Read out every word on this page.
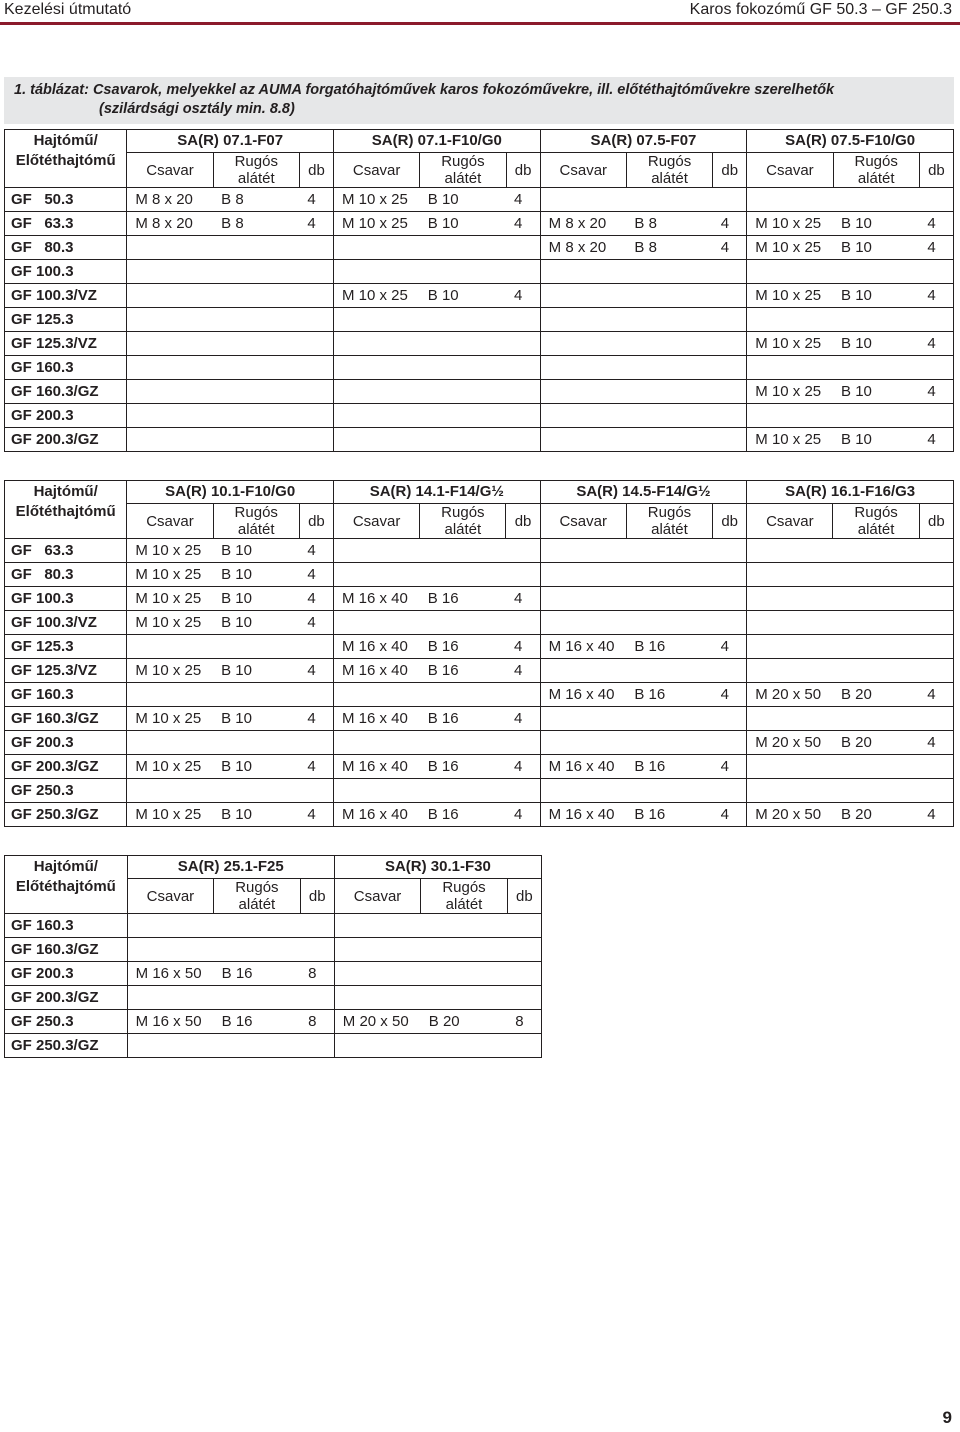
Kezelési útmutató	Karos fokozómű GF 50.3 – GF 250.3
1. táblázat: Csavarok, melyekkel az AUMA forgatóhajtóművek karos fokozóművekre, ill. előtéthajtóművekre szerelhetők
(szilárdsági osztály min. 8.8)
Hajtómű/
Előtéthajtómű	SA(R) 07.1-F07			SA(R) 07.1-F10/G0			SA(R) 07.5-F07			SA(R) 07.5-F10/G0		
	Csavar	Rugós
alátét	db	Csavar	Rugós
alátét	db	Csavar	Rugós
alátét	db	Csavar	Rugós
alátét	db
GF   50.3	M 8 x 20	B 8	4	M 10 x 25	B 10	4						
GF   63.3	M 8 x 20	B 8	4	M 10 x 25	B 10	4	M 8 x 20	B 8	4	M 10 x 25	B 10	4
GF   80.3							M 8 x 20	B 8	4	M 10 x 25	B 10	4
GF 100.3												
GF 100.3/VZ				M 10 x 25	B 10	4				M 10 x 25	B 10	4
GF 125.3												
GF 125.3/VZ										M 10 x 25	B 10	4
GF 160.3												
GF 160.3/GZ										M 10 x 25	B 10	4
GF 200.3												
GF 200.3/GZ										M 10 x 25	B 10	4
Hajtómű/
Előtéthajtómű	SA(R) 10.1-F10/G0			SA(R) 14.1-F14/G½			SA(R) 14.5-F14/G½			SA(R) 16.1-F16/G3		
	Csavar	Rugós
alátét	db	Csavar	Rugós
alátét	db	Csavar	Rugós
alátét	db	Csavar	Rugós
alátét	db
GF   63.3	M 10 x 25	B 10	4									
GF   80.3	M 10 x 25	B 10	4									
GF 100.3	M 10 x 25	B 10	4	M 16 x 40	B 16	4						
GF 100.3/VZ	M 10 x 25	B 10	4									
GF 125.3				M 16 x 40	B 16	4	M 16 x 40	B 16	4			
GF 125.3/VZ	M 10 x 25	B 10	4	M 16 x 40	B 16	4						
GF 160.3							M 16 x 40	B 16	4	M 20 x 50	B 20	4
GF 160.3/GZ	M 10 x 25	B 10	4	M 16 x 40	B 16	4						
GF 200.3										M 20 x 50	B 20	4
GF 200.3/GZ	M 10 x 25	B 10	4	M 16 x 40	B 16	4	M 16 x 40	B 16	4			
GF 250.3												
GF 250.3/GZ	M 10 x 25	B 10	4	M 16 x 40	B 16	4	M 16 x 40	B 16	4	M 20 x 50	B 20	4
Hajtómű/
Előtéthajtómű	SA(R) 25.1-F25			SA(R) 30.1-F30		
	Csavar	Rugós
alátét	db	Csavar	Rugós
alátét	db
GF 160.3						
GF 160.3/GZ						
GF 200.3	M 16 x 50	B 16	8			
GF 200.3/GZ						
GF 250.3	M 16 x 50	B 16	8	M 20 x 50	B 20	8
GF 250.3/GZ						
9
